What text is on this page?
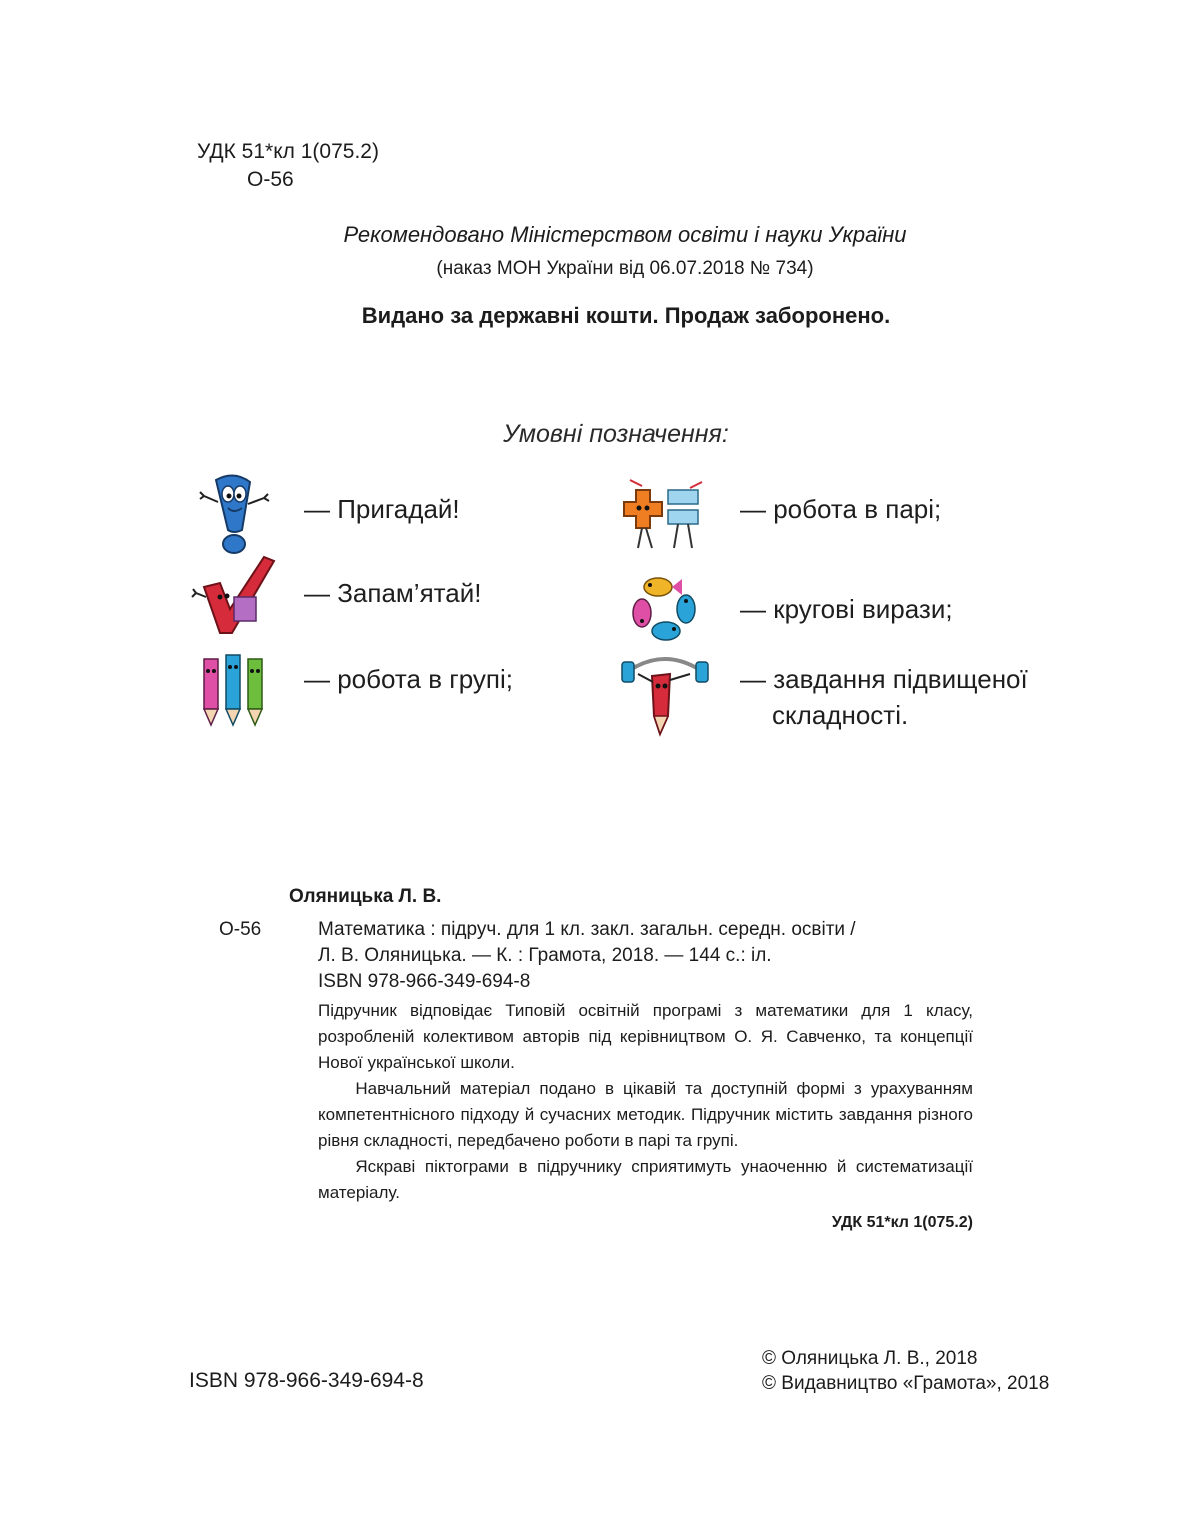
УДК 51*кл 1(075.2)
О-56
Рекомендовано Міністерством освіти і науки України
(наказ МОН України від 06.07.2018 № 734)
Видано за державні кошти. Продаж заборонено.
Умовні позначення:
— Пригадай!
— Запам’ятай!
— робота в групі;
— робота в парі;
— кругові вирази;
— завдання підвищеної
складності.
Оляницька Л. В.
О-56	Математика : підруч. для 1 кл. закл. загальн. середн. освіти /
Л. В. Оляницька. — К. : Грамота, 2018. — 144 с.: іл.
ISBN 978-966-349-694-8

Підручник відповідає Типовій освітній програмі з математики для 1 класу, розробленій колективом авторів під керівництвом О. Я. Савченко, та концепції Нової української школи.

Навчальний матеріал подано в цікавій та доступній формі з урахуванням компетентнісного підходу й сучасних методик. Підручник містить завдання різного рівня складності, передбачено роботи в парі та групі.

Яскраві піктограми в підручнику сприятимуть унаоченню й систематизації матеріалу.

УДК 51*кл 1(075.2)
ISBN 978-966-349-694-8
© Оляницька Л. В., 2018
© Видавництво «Грамота», 2018
